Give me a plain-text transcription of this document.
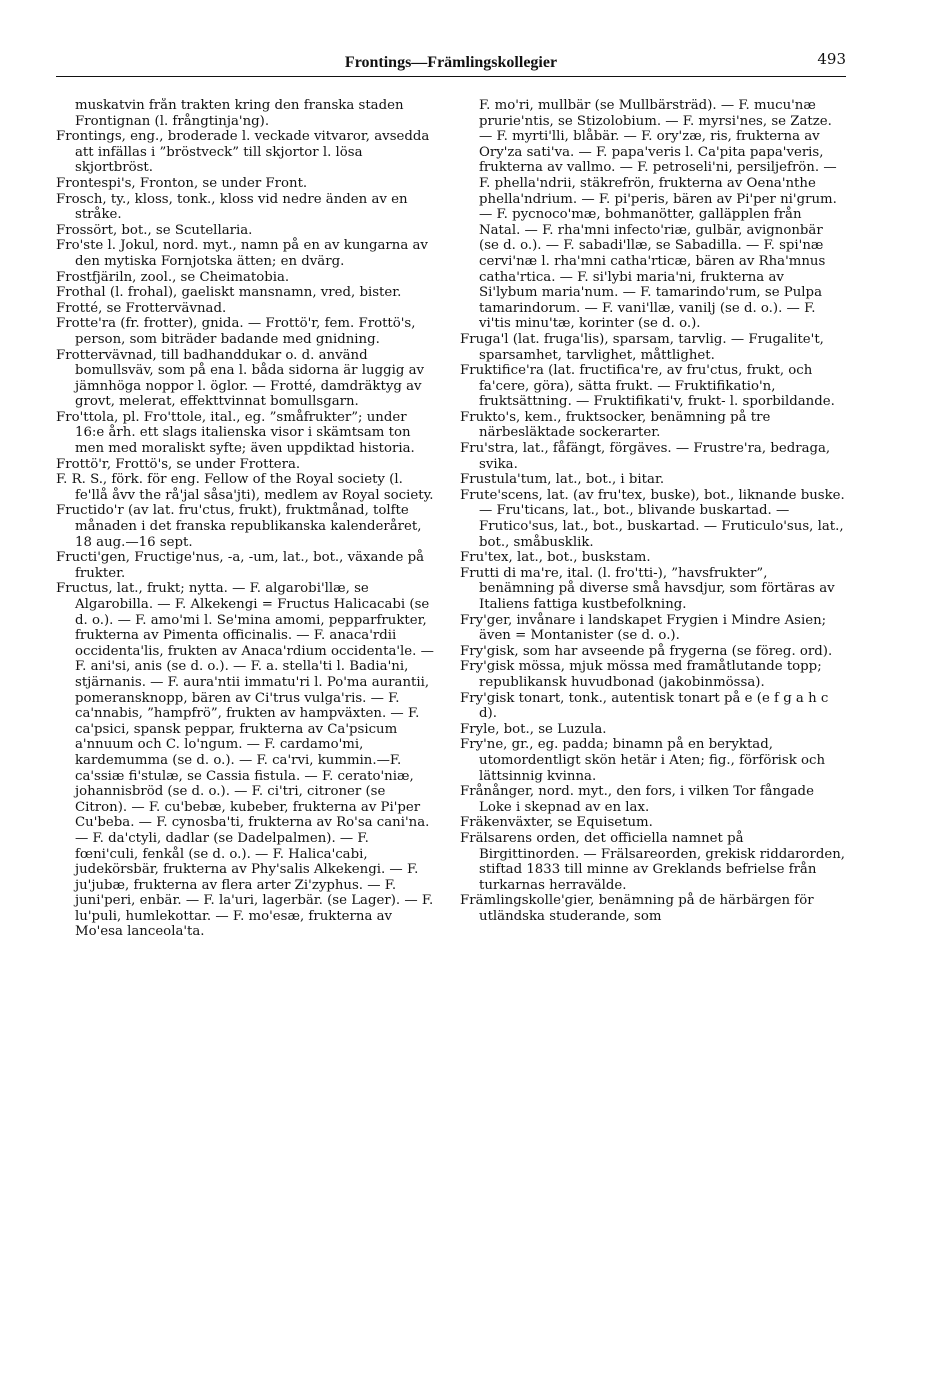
Frontings—Främlingskollegier	493

muskatvin från trakten kring den franska staden Frontignan (l. frångtinja'ng).

Frontings, eng., broderade l. veckade vitvaror, avsedda att infällas i ”bröstveck” till skjortor l. lösa skjortbröst.

Frontespi's, Fronton, se under Front.

Frosch, ty., kloss, tonk., kloss vid nedre änden av en stråke.

Frossört, bot., se Scutellaria.

Fro'ste l. Jokul, nord. myt., namn på en av kungarna av den mytiska Fornjotska ätten; en dvärg.

Frostfjäriln, zool., se Cheimatobia.

Frothal (l. frohal), gaeliskt mansnamn, vred, bister.

Frotté, se Frottervävnad.

Frotte'ra (fr. frotter), gnida. — Frottö'r, fem. Frottö's, person, som biträder badande med gnidning.

Frottervävnad, till badhanddukar o. d. använd bomullsväv, som på ena l. båda sidorna är luggig av jämnhöga noppor l. öglor. — Frotté, damdräktyg av grovt, melerat, effekttvinnat bomullsgarn.

Fro'ttola, pl. Fro'ttole, ital., eg. ”småfrukter”; under 16:e årh. ett slags italienska visor i skämtsam ton men med moraliskt syfte; även uppdiktad historia.

Frottö'r, Frottö's, se under Frottera.

F. R. S., förk. för eng. Fellow of the Royal society (l. fe'llå åvv the rå'jal såsa'jti), medlem av Royal society.

Fructido'r (av lat. fru'ctus, frukt), fruktmånad, tolfte månaden i det franska republikanska kalenderåret, 18 aug.—16 sept.

Fructi'gen, Fructige'nus, -a, -um, lat., bot., växande på frukter.

Fructus, lat., frukt; nytta. — F. algarobi'llæ, se Algarobilla. — F. Alkekengi = Fructus Halicacabi (se d. o.). — F. amo'mi l. Se'mina amomi, pepparfrukter, frukterna av Pimenta officinalis. — F. anaca'rdii occidenta'lis, frukten av Anaca'rdium occidenta'le. — F. ani'si, anis (se d. o.). — F. a. stella'ti l. Badia'ni, stjärnanis. — F. aura'ntii immatu'ri l. Po'ma aurantii, pomeransknopp, bären av Ci'trus vulga'ris. — F. ca'nnabis, ”hampfrö”, frukten av hampväxten. — F. ca'psici, spansk peppar, frukterna av Ca'psicum a'nnuum och C. lo'ngum. — F. cardamo'mi, kardemumma (se d. o.). — F. ca'rvi, kummin.—F. ca'ssiæ fi'stulæ, se Cassia fistula. — F. cerato'niæ, johannisbröd (se d. o.). — F. ci'tri, citroner (se Citron). — F. cu'bebæ, kubeber, frukterna av Pi'per Cu'beba. — F. cynosba'ti, frukterna av Ro'sa cani'na. — F. da'ctyli, dadlar (se Dadelpalmen). — F. fœni'culi, fenkål (se d. o.). — F. Halica'cabi, judekörsbär, frukterna av Phy'salis Alkekengi. — F. ju'jubæ, frukterna av flera arter Zi'zyphus. — F. juni'peri, enbär. — F. la'uri, lagerbär. (se Lager). — F. lu'puli, humlekottar. — F. mo'esæ, frukterna av Mo'esa lanceola'ta.

F. mo'ri, mullbär (se Mullbärsträd). — F. mucu'næ prurie'ntis, se Stizolobium. — F. myrsi'nes, se Zatze. — F. myrti'lli, blåbär. — F. ory'zæ, ris, frukterna av Ory'za sati'va. — F. papa'veris l. Ca'pita papa'veris, frukterna av vallmo. — F. petroseli'ni, persiljefrön. — F. phella'ndrii, stäkrefrön, frukterna av Oena'nthe phella'ndrium. — F. pi'peris, bären av Pi'per ni'grum. — F. pycnoco'mæ, bohmanötter, galläpplen från Natal. — F. rha'mni infecto'riæ, gulbär, avignonbär (se d. o.). — F. sabadi'llæ, se Sabadilla. — F. spi'næ cervi'næ l. rha'mni catha'rticæ, bären av Rha'mnus catha'rtica. — F. si'lybi maria'ni, frukterna av Si'lybum maria'num. — F. tamarindo'rum, se Pulpa tamarindorum. — F. vani'llæ, vanilj (se d. o.). — F. vi'tis minu'tæ, korinter (se d. o.).

Fruga'l (lat. fruga'lis), sparsam, tarvlig. — Frugalite't, sparsamhet, tarvlighet, måttlighet.

Fruktifice'ra (lat. fructifica're, av fru'ctus, frukt, och fa'cere, göra), sätta frukt. — Fruktifikatio'n, fruktsättning. — Fruktifikati'v, frukt- l. sporbildande.

Frukto's, kem., fruktsocker, benämning på tre närbesläktade sockerarter.

Fru'stra, lat., fåfängt, förgäves. — Frustre'ra, bedraga, svika.

Frustula'tum, lat., bot., i bitar.

Frute'scens, lat. (av fru'tex, buske), bot., liknande buske. — Fru'ticans, lat., bot., blivande buskartad. — Frutico'sus, lat., bot., buskartad. — Fruticulo'sus, lat., bot., småbusklik.

Fru'tex, lat., bot., buskstam.

Frutti di ma're, ital. (l. fro'tti-), ”havsfrukter”, benämning på diverse små havsdjur, som förtäras av Italiens fattiga kustbefolkning.

Fry'ger, invånare i landskapet Frygien i Mindre Asien; även = Montanister (se d. o.).

Fry'gisk, som har avseende på frygerna (se föreg. ord).

Fry'gisk mössa, mjuk mössa med framåtlutande topp; republikansk huvudbonad (jakobinmössa).

Fry'gisk tonart, tonk., autentisk tonart på e (e f g a h c d).

Fryle, bot., se Luzula.

Fry'ne, gr., eg. padda; binamn på en beryktad, utomordentligt skön hetär i Aten; fig., förförisk och lättsinnig kvinna.

Frånånger, nord. myt., den fors, i vilken Tor fångade Loke i skepnad av en lax.

Fräkenväxter, se Equisetum.

Frälsarens orden, det officiella namnet på Birgittinorden. — Frälsareorden, grekisk riddarorden, stiftad 1833 till minne av Greklands befrielse från turkarnas herravälde.

Främlingskolle'gier, benämning på de härbärgen för utländska studerande, som
